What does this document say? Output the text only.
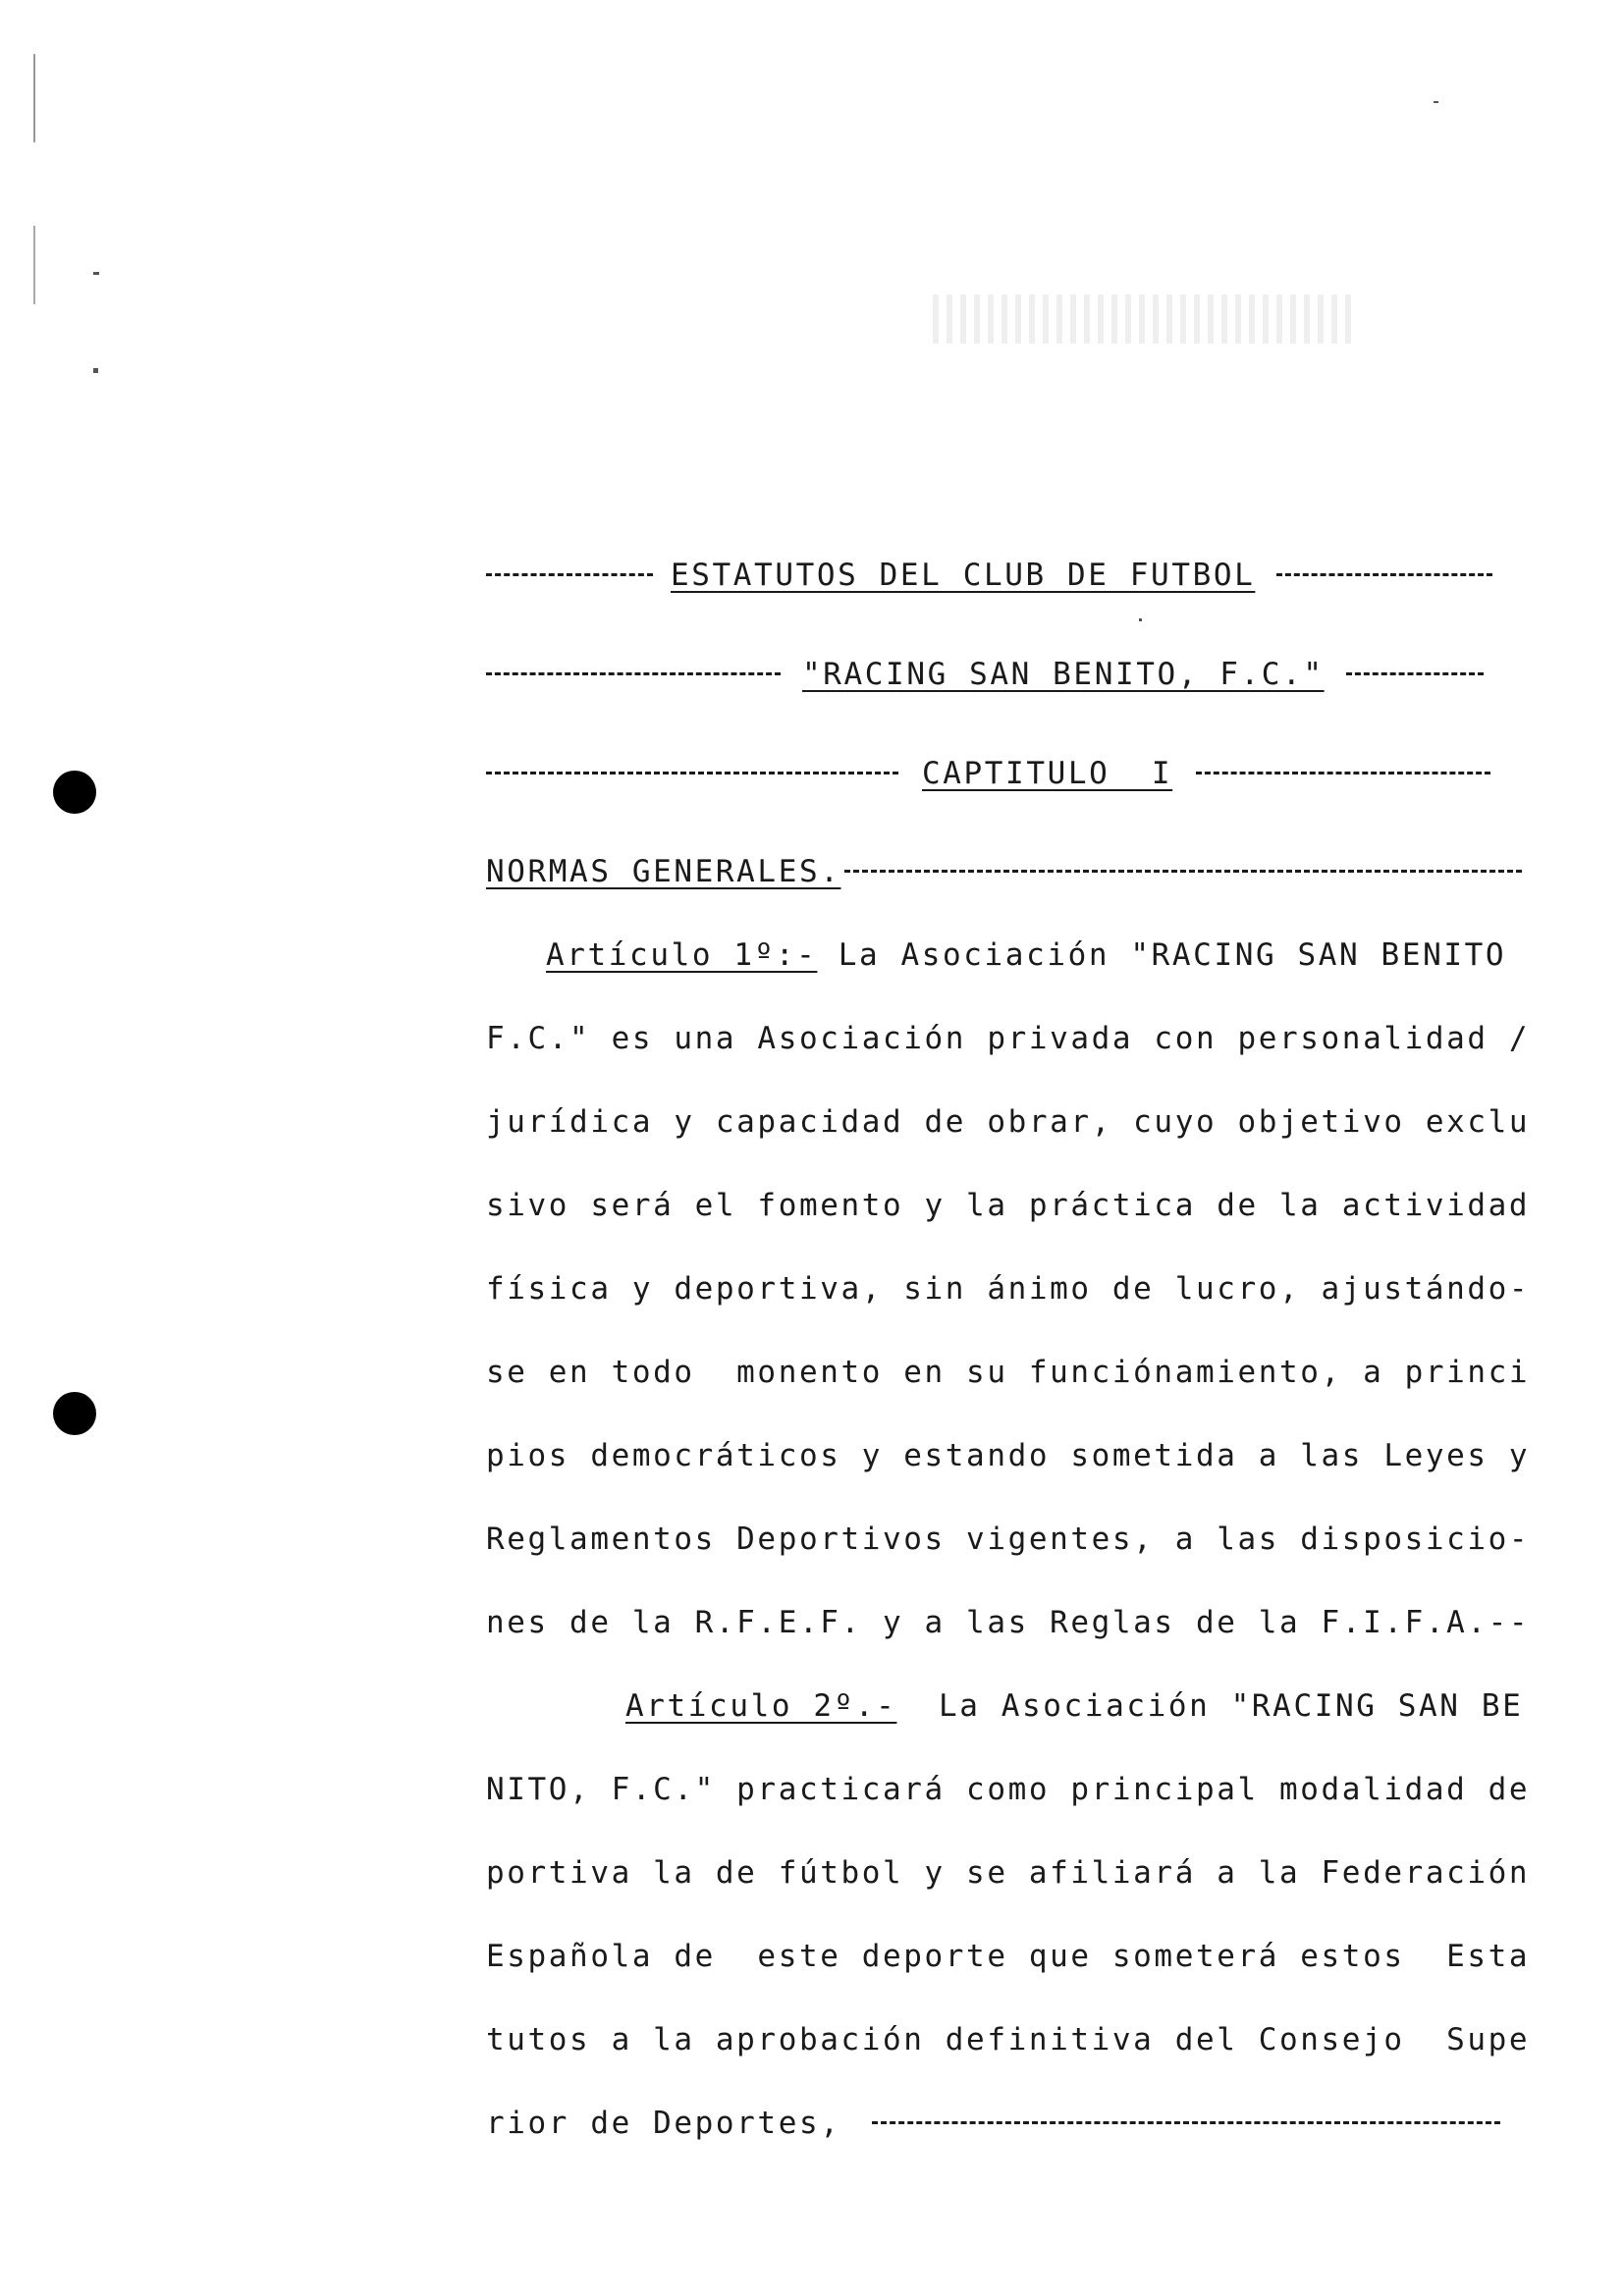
ESTATUTOS DEL CLUB DE FUTBOL
"RACING SAN BENITO, F.C."
CAPTITULO  I
NORMAS GENERALES.
Artículo 1º:- La Asociación "RACING SAN BENITO
F.C." es una Asociación privada con personalidad /
jurídica y capacidad de obrar, cuyo objetivo exclu
sivo será el fomento y la práctica de la actividad
física y deportiva, sin ánimo de lucro, ajustándo-
se en todo  monento en su funciónamiento, a princi
pios democráticos y estando sometida a las Leyes y
Reglamentos Deportivos vigentes, a las disposicio-
nes de la R.F.E.F. y a las Reglas de la F.I.F.A.--
Artículo 2º.-  La Asociación "RACING SAN BE
NITO, F.C." practicará como principal modalidad de
portiva la de fútbol y se afiliará a la Federación
Española de  este deporte que someterá estos  Esta
tutos a la aprobación definitiva del Consejo  Supe
rior de Deportes,
